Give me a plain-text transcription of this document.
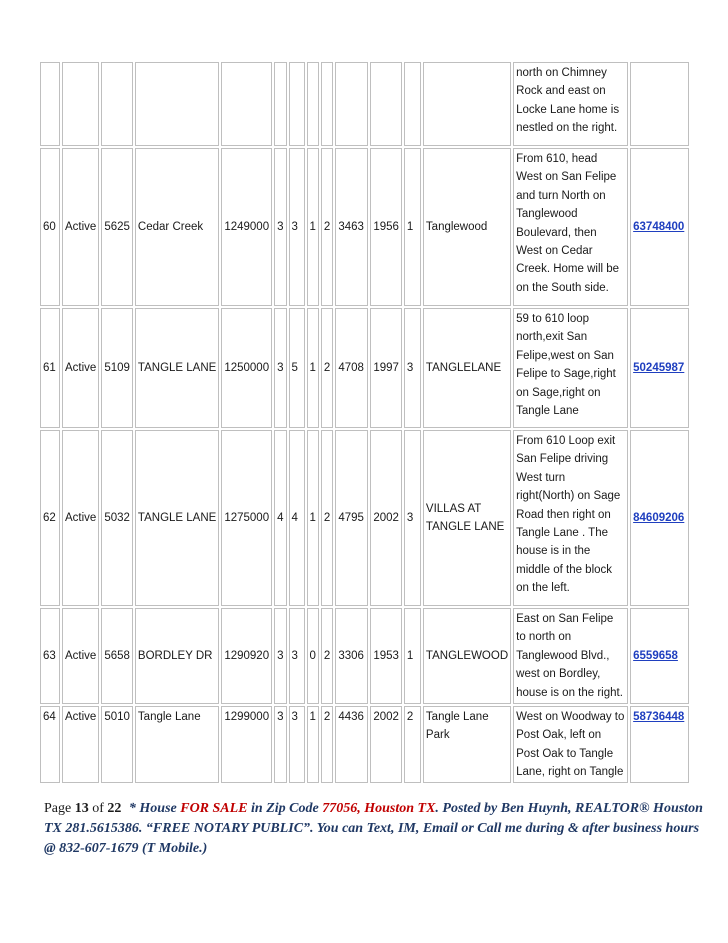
													north on Chimney Rock and east on Locke Lane home is nestled on the right.	
60	Active	5625	Cedar Creek	1249000	3	3	1	2	3463	1956	1	Tanglewood	From 610, head West on San Felipe and turn North on Tanglewood Boulevard, then West on Cedar Creek. Home will be on the South side.	63748400
61	Active	5109	TANGLE LANE	1250000	3	5	1	2	4708	1997	3	TANGLELANE	59 to 610 loop north,exit San Felipe,west on San Felipe to Sage,right on Sage,right on Tangle Lane	50245987
62	Active	5032	TANGLE LANE	1275000	4	4	1	2	4795	2002	3	VILLAS AT TANGLE LANE	From 610 Loop exit San Felipe driving West turn right(North) on Sage Road then right on Tangle Lane . The house is in the middle of the block on the left.	84609206
63	Active	5658	BORDLEY DR	1290920	3	3	0	2	3306	1953	1	TANGLEWOOD	East on San Felipe to north on Tanglewood Blvd., west on Bordley, house is on the right.	6559658
64	Active	5010	Tangle Lane	1299000	3	3	1	2	4436	2002	2	Tangle Lane Park	West on Woodway to Post Oak, left on Post Oak to Tangle Lane, right on Tangle	58736448
Page 13 of 22 * House FOR SALE in Zip Code 77056, Houston TX. Posted by Ben Huynh, REALTOR® Houston TX 281.5615386. “FREE NOTARY PUBLIC”. You can Text, IM, Email or Call me during & after business hours @ 832-607-1679 (T Mobile.)
